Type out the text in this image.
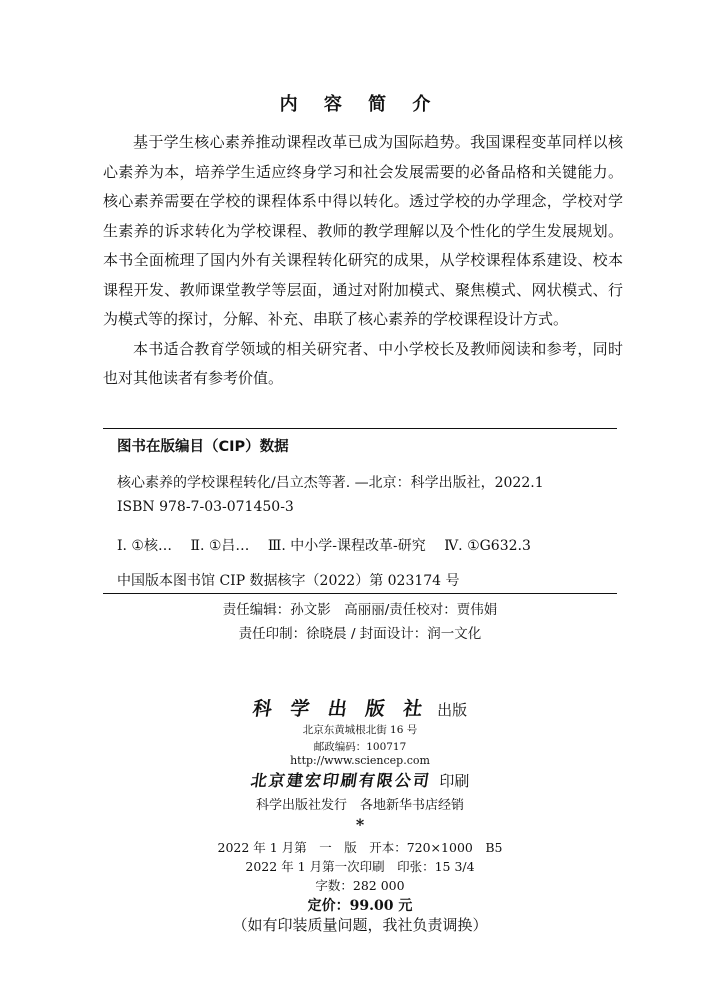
内 容 简 介

基于学生核心素养推动课程改革已成为国际趋势。我国课程变革同样以核心素养为本，培养学生适应终身学习和社会发展需要的必备品格和关键能力。核心素养需要在学校的课程体系中得以转化。透过学校的办学理念，学校对学生素养的诉求转化为学校课程、教师的教学理解以及个性化的学生发展规划。本书全面梳理了国内外有关课程转化研究的成果，从学校课程体系建设、校本课程开发、教师课堂教学等层面，通过对附加模式、聚焦模式、网状模式、行为模式等的探讨，分解、补充、串联了核心素养的学校课程设计方式。

本书适合教育学领域的相关研究者、中小学校长及教师阅读和参考，同时也对其他读者有参考价值。

图书在版编目（CIP）数据
核心素养的学校课程转化/吕立杰等著. —北京：科学出版社，2022.1
ISBN 978-7-03-071450-3
Ⅰ. ①核… Ⅱ. ①吕… Ⅲ. 中小学-课程改革-研究 Ⅳ. ①G632.3
中国版本图书馆 CIP 数据核字（2022）第 023174 号
责任编辑：孙文影　高丽丽/责任校对：贾伟娟
责任印制：徐晓晨 / 封面设计：润一文化
科 学 出 版 社 出版
北京东黄城根北街 16 号
邮政编码：100717
http://www.sciencep.com
北京建宏印刷有限公司 印刷
科学出版社发行　各地新华书店经销
*
2022 年 1 月第　一　版　开本：720×1000　B5
2022 年 1 月第一次印刷　印张：15 3/4
字数：282 000
定价：99.00 元
（如有印装质量问题，我社负责调换）
